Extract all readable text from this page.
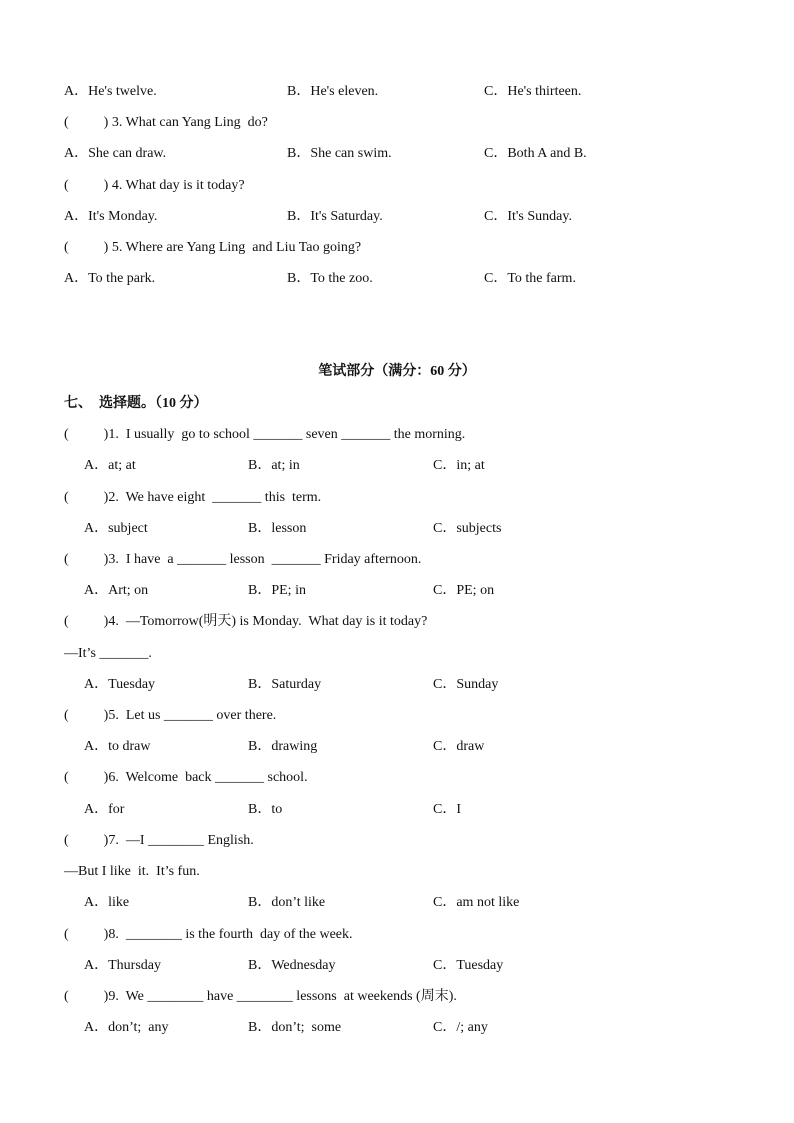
A．He's twelve.	B．He's eleven.	C．He's thirteen.
(          ) 3. What can Yang Ling  do?
A．She can draw.	B．She can swim.	C．Both A and B.
(          ) 4. What day is it today?
A．It's Monday.	B．It's Saturday.	C．It's Sunday.
(          ) 5. Where are Yang Ling  and Liu Tao going?
A．To the park.	B．To the zoo.	C．To the farm.
笔试部分（满分：60 分）
七、  选择题。（10 分）
(          )1.  I usually  go to school _______ seven _______ the morning.
A．at; at	B．at; in	C．in; at
(          )2.  We have eight  _______ this  term.
A．subject	B．lesson	C．subjects
(          )3.  I have  a _______ lesson  _______ Friday afternoon.
A．Art; on	B．PE; in	C．PE; on
(          )4.  —Tomorrow(明天) is Monday.  What day is it today?
—It’s _______.
A．Tuesday	B．Saturday	C．Sunday
(          )5.  Let us _______ over there.
A．to draw	B．drawing	C．draw
(          )6.  Welcome  back _______ school.
A．for	B．to	C．I
(          )7.  —I ________ English.
—But I like  it.  It’s fun.
A．like	B．don’t like	C．am not like
(          )8.  ________ is the fourth  day of the week.
A．Thursday	B．Wednesday	C．Tuesday
(          )9.  We ________ have ________ lessons  at weekends (周末).
A．don’t;  any	B．don’t;  some	C．/; any
